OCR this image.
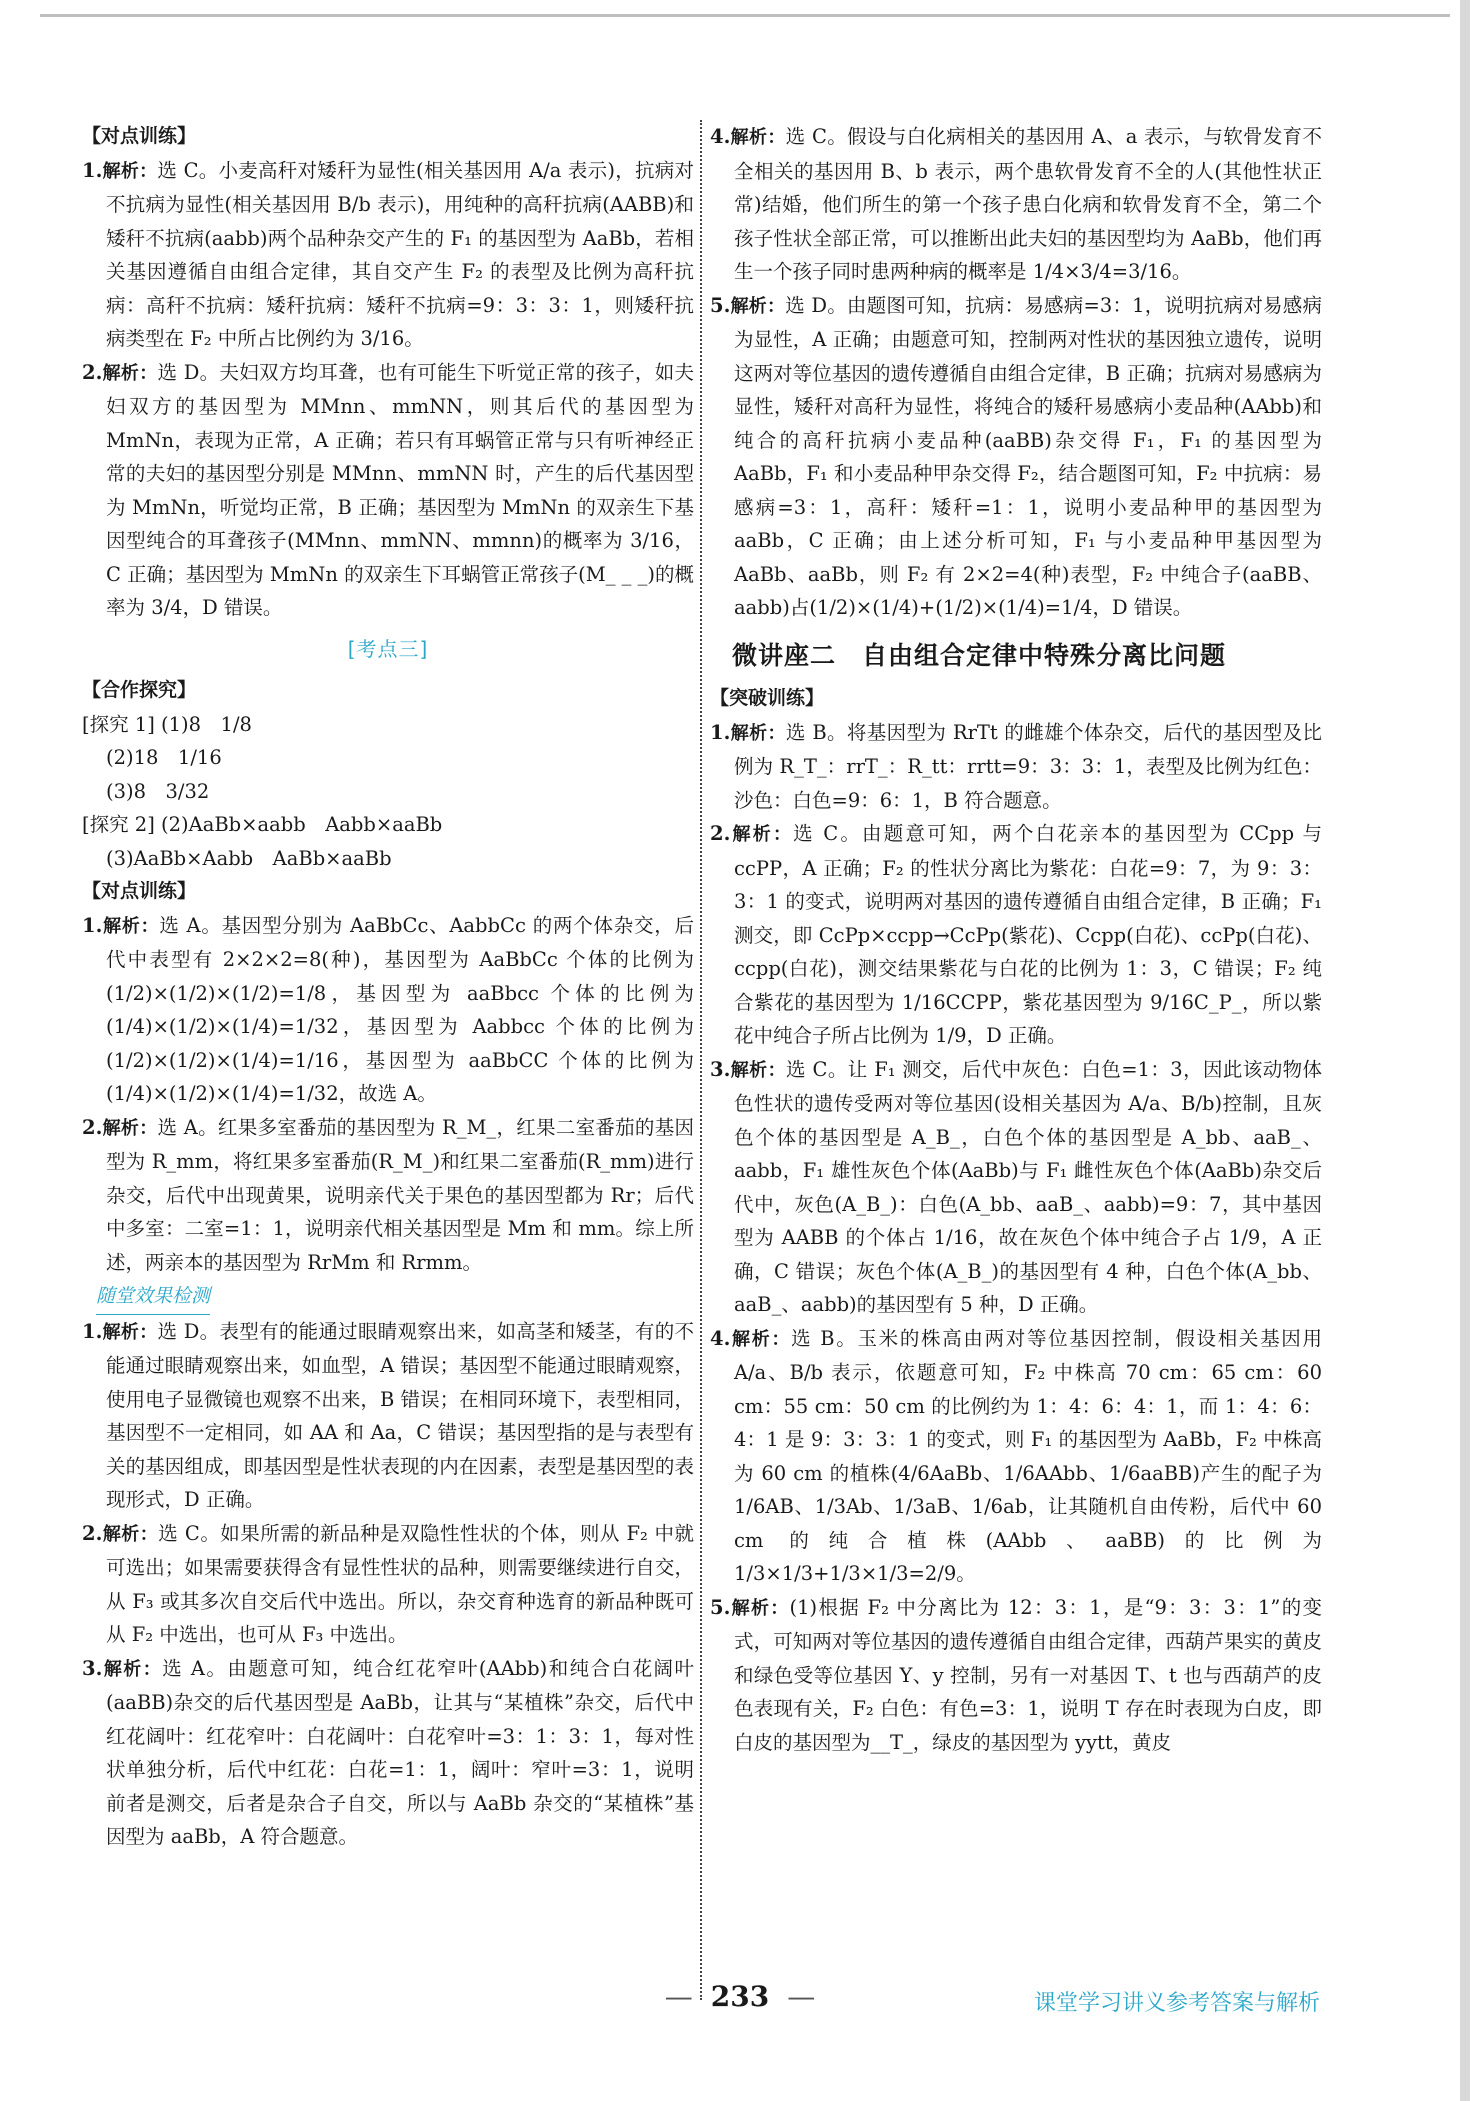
【对点训练】
1.解析：选 C。小麦高秆对矮秆为显性(相关基因用 A/a 表示)，抗病对不抗病为显性(相关基因用 B/b 表示)，用纯种的高秆抗病(AABB)和矮秆不抗病(aabb)两个品种杂交产生的 F₁ 的基因型为 AaBb，若相关基因遵循自由组合定律，其自交产生 F₂ 的表型及比例为高秆抗病：高秆不抗病：矮秆抗病：矮秆不抗病=9：3：3：1，则矮秆抗病类型在 F₂ 中所占比例约为 3/16。
2.解析：选 D。夫妇双方均耳聋，也有可能生下听觉正常的孩子，如夫妇双方的基因型为 MMnn、mmNN，则其后代的基因型为 MmNn，表现为正常，A 正确；若只有耳蜗管正常与只有听神经正常的夫妇的基因型分别是 MMnn、mmNN 时，产生的后代基因型为 MmNn，听觉均正常，B 正确；基因型为 MmNn 的双亲生下基因型纯合的耳聋孩子(MMnn、mmNN、mmnn)的概率为 3/16，C 正确；基因型为 MmNn 的双亲生下耳蜗管正常孩子(M_ _ _)的概率为 3/4，D 错误。
[考点三]
【合作探究】
[探究 1] (1)8　1/8
(2)18　1/16
(3)8　3/32
[探究 2] (2)AaBb×aabb　Aabb×aaBb
(3)AaBb×Aabb　AaBb×aaBb
【对点训练】
1.解析：选 A。基因型分别为 AaBbCc、AabbCc 的两个体杂交，后代中表型有 2×2×2=8(种)，基因型为 AaBbCc 个体的比例为(1/2)×(1/2)×(1/2)=1/8，基因型为 aaBbcc 个体的比例为(1/4)×(1/2)×(1/4)=1/32，基因型为 Aabbcc 个体的比例为(1/2)×(1/2)×(1/4)=1/16，基因型为 aaBbCC 个体的比例为(1/4)×(1/2)×(1/4)=1/32，故选 A。
2.解析：选 A。红果多室番茄的基因型为 R_M_，红果二室番茄的基因型为 R_mm，将红果多室番茄(R_M_)和红果二室番茄(R_mm)进行杂交，后代中出现黄果，说明亲代关于果色的基因型都为 Rr；后代中多室：二室=1：1，说明亲代相关基因型是 Mm 和 mm。综上所述，两亲本的基因型为 RrMm 和 Rrmm。
随堂效果检测
1.解析：选 D。表型有的能通过眼睛观察出来，如高茎和矮茎，有的不能通过眼睛观察出来，如血型，A 错误；基因型不能通过眼睛观察，使用电子显微镜也观察不出来，B 错误；在相同环境下，表型相同，基因型不一定相同，如 AA 和 Aa，C 错误；基因型指的是与表型有关的基因组成，即基因型是性状表现的内在因素，表型是基因型的表现形式，D 正确。
2.解析：选 C。如果所需的新品种是双隐性性状的个体，则从 F₂ 中就可选出；如果需要获得含有显性性状的品种，则需要继续进行自交，从 F₃ 或其多次自交后代中选出。所以，杂交育种选育的新品种既可从 F₂ 中选出，也可从 F₃ 中选出。
3.解析：选 A。由题意可知，纯合红花窄叶(AAbb)和纯合白花阔叶(aaBB)杂交的后代基因型是 AaBb，让其与“某植株”杂交，后代中红花阔叶：红花窄叶：白花阔叶：白花窄叶=3：1：3：1，每对性状单独分析，后代中红花：白花=1：1，阔叶：窄叶=3：1，说明前者是测交，后者是杂合子自交，所以与 AaBb 杂交的“某植株”基因型为 aaBb，A 符合题意。
4.解析：选 C。假设与白化病相关的基因用 A、a 表示，与软骨发育不全相关的基因用 B、b 表示，两个患软骨发育不全的人(其他性状正常)结婚，他们所生的第一个孩子患白化病和软骨发育不全，第二个孩子性状全部正常，可以推断出此夫妇的基因型均为 AaBb，他们再生一个孩子同时患两种病的概率是 1/4×3/4=3/16。
5.解析：选 D。由题图可知，抗病：易感病=3：1，说明抗病对易感病为显性，A 正确；由题意可知，控制两对性状的基因独立遗传，说明这两对等位基因的遗传遵循自由组合定律，B 正确；抗病对易感病为显性，矮秆对高秆为显性，将纯合的矮秆易感病小麦品种(AAbb)和纯合的高秆抗病小麦品种(aaBB)杂交得 F₁，F₁ 的基因型为 AaBb，F₁ 和小麦品种甲杂交得 F₂，结合题图可知，F₂ 中抗病：易感病=3：1，高秆：矮秆=1：1，说明小麦品种甲的基因型为 aaBb，C 正确；由上述分析可知，F₁ 与小麦品种甲基因型为 AaBb、aaBb，则 F₂ 有 2×2=4(种)表型，F₂ 中纯合子(aaBB、aabb)占(1/2)×(1/4)+(1/2)×(1/4)=1/4，D 错误。
微讲座二　自由组合定律中特殊分离比问题
【突破训练】
1.解析：选 B。将基因型为 RrTt 的雌雄个体杂交，后代的基因型及比例为 R_T_：rrT_：R_tt：rrtt=9：3：3：1，表型及比例为红色：沙色：白色=9：6：1，B 符合题意。
2.解析：选 C。由题意可知，两个白花亲本的基因型为 CCpp 与 ccPP，A 正确；F₂ 的性状分离比为紫花：白花=9：7，为 9：3：3：1 的变式，说明两对基因的遗传遵循自由组合定律，B 正确；F₁ 测交，即 CcPp×ccpp→CcPp(紫花)、Ccpp(白花)、ccPp(白花)、ccpp(白花)，测交结果紫花与白花的比例为 1：3，C 错误；F₂ 纯合紫花的基因型为 1/16CCPP，紫花基因型为 9/16C_P_，所以紫花中纯合子所占比例为 1/9，D 正确。
3.解析：选 C。让 F₁ 测交，后代中灰色：白色=1：3，因此该动物体色性状的遗传受两对等位基因(设相关基因为 A/a、B/b)控制，且灰色个体的基因型是 A_B_，白色个体的基因型是 A_bb、aaB_、aabb，F₁ 雄性灰色个体(AaBb)与 F₁ 雌性灰色个体(AaBb)杂交后代中，灰色(A_B_)：白色(A_bb、aaB_、aabb)=9：7，其中基因型为 AABB 的个体占 1/16，故在灰色个体中纯合子占 1/9，A 正确，C 错误；灰色个体(A_B_)的基因型有 4 种，白色个体(A_bb、aaB_、aabb)的基因型有 5 种，D 正确。
4.解析：选 B。玉米的株高由两对等位基因控制，假设相关基因用 A/a、B/b 表示，依题意可知，F₂ 中株高 70 cm：65 cm：60 cm：55 cm：50 cm 的比例约为 1：4：6：4：1，而 1：4：6：4：1 是 9：3：3：1 的变式，则 F₁ 的基因型为 AaBb，F₂ 中株高为 60 cm 的植株(4/6AaBb、1/6AAbb、1/6aaBB)产生的配子为 1/6AB、1/3Ab、1/3aB、1/6ab，让其随机自由传粉，后代中 60 cm 的纯合植株(AAbb、aaBB)的比例为 1/3×1/3+1/3×1/3=2/9。
5.解析：(1)根据 F₂ 中分离比为 12：3：1，是“9：3：3：1”的变式，可知两对等位基因的遗传遵循自由组合定律，西葫芦果实的黄皮和绿色受等位基因 Y、y 控制，另有一对基因 T、t 也与西葫芦的皮色表现有关，F₂ 白色：有色=3：1，说明 T 存在时表现为白皮，即白皮的基因型为__T_，绿皮的基因型为 yytt，黄皮
— 233 —	课堂学习讲义参考答案与解析
